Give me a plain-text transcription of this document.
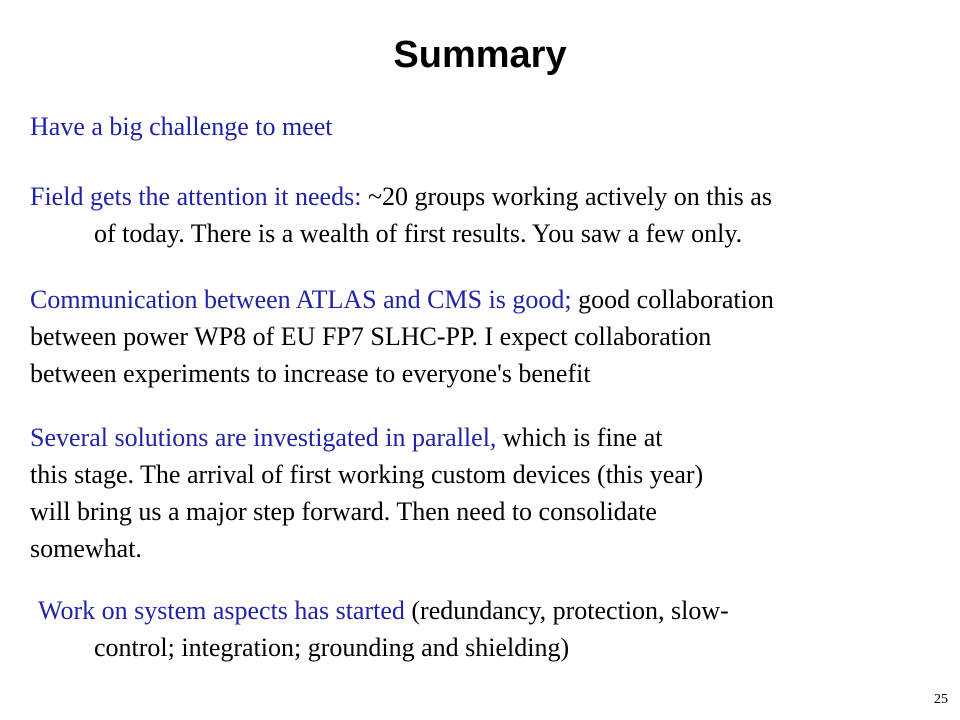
Summary
Have a big challenge to meet
Field gets the attention it needs: ~20 groups working actively on this as
of today. There is a wealth of first results. You saw a few only.
Communication between ATLAS and CMS is good; good collaboration
between power WP8 of EU FP7 SLHC-PP. I expect collaboration
between experiments to increase to everyone's benefit
Several solutions are investigated in parallel, which is fine at
this stage. The arrival of first working custom devices (this year)
will bring us a major step forward. Then need to consolidate
somewhat.
Work on system aspects has started (redundancy, protection, slow-
control; integration; grounding and shielding)
25
